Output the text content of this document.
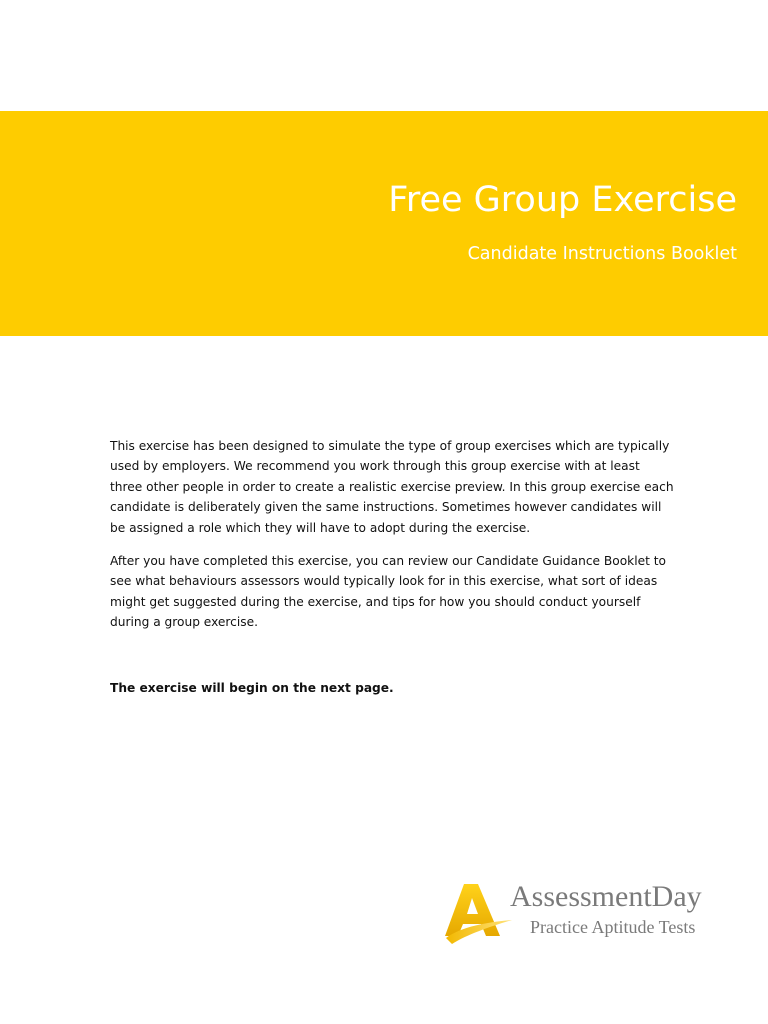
Free Group Exercise
Candidate Instructions Booklet

This exercise has been designed to simulate the type of group exercises which are typically used by employers. We recommend you work through this group exercise with at least three other people in order to create a realistic exercise preview. In this group exercise each candidate is deliberately given the same instructions. Sometimes however candidates will be assigned a role which they will have to adopt during the exercise.

After you have completed this exercise, you can review our Candidate Guidance Booklet to see what behaviours assessors would typically look for in this exercise, what sort of ideas might get suggested during the exercise, and tips for how you should conduct yourself during a group exercise.

The exercise will begin on the next page.

AssessmentDay
Practice Aptitude Tests
